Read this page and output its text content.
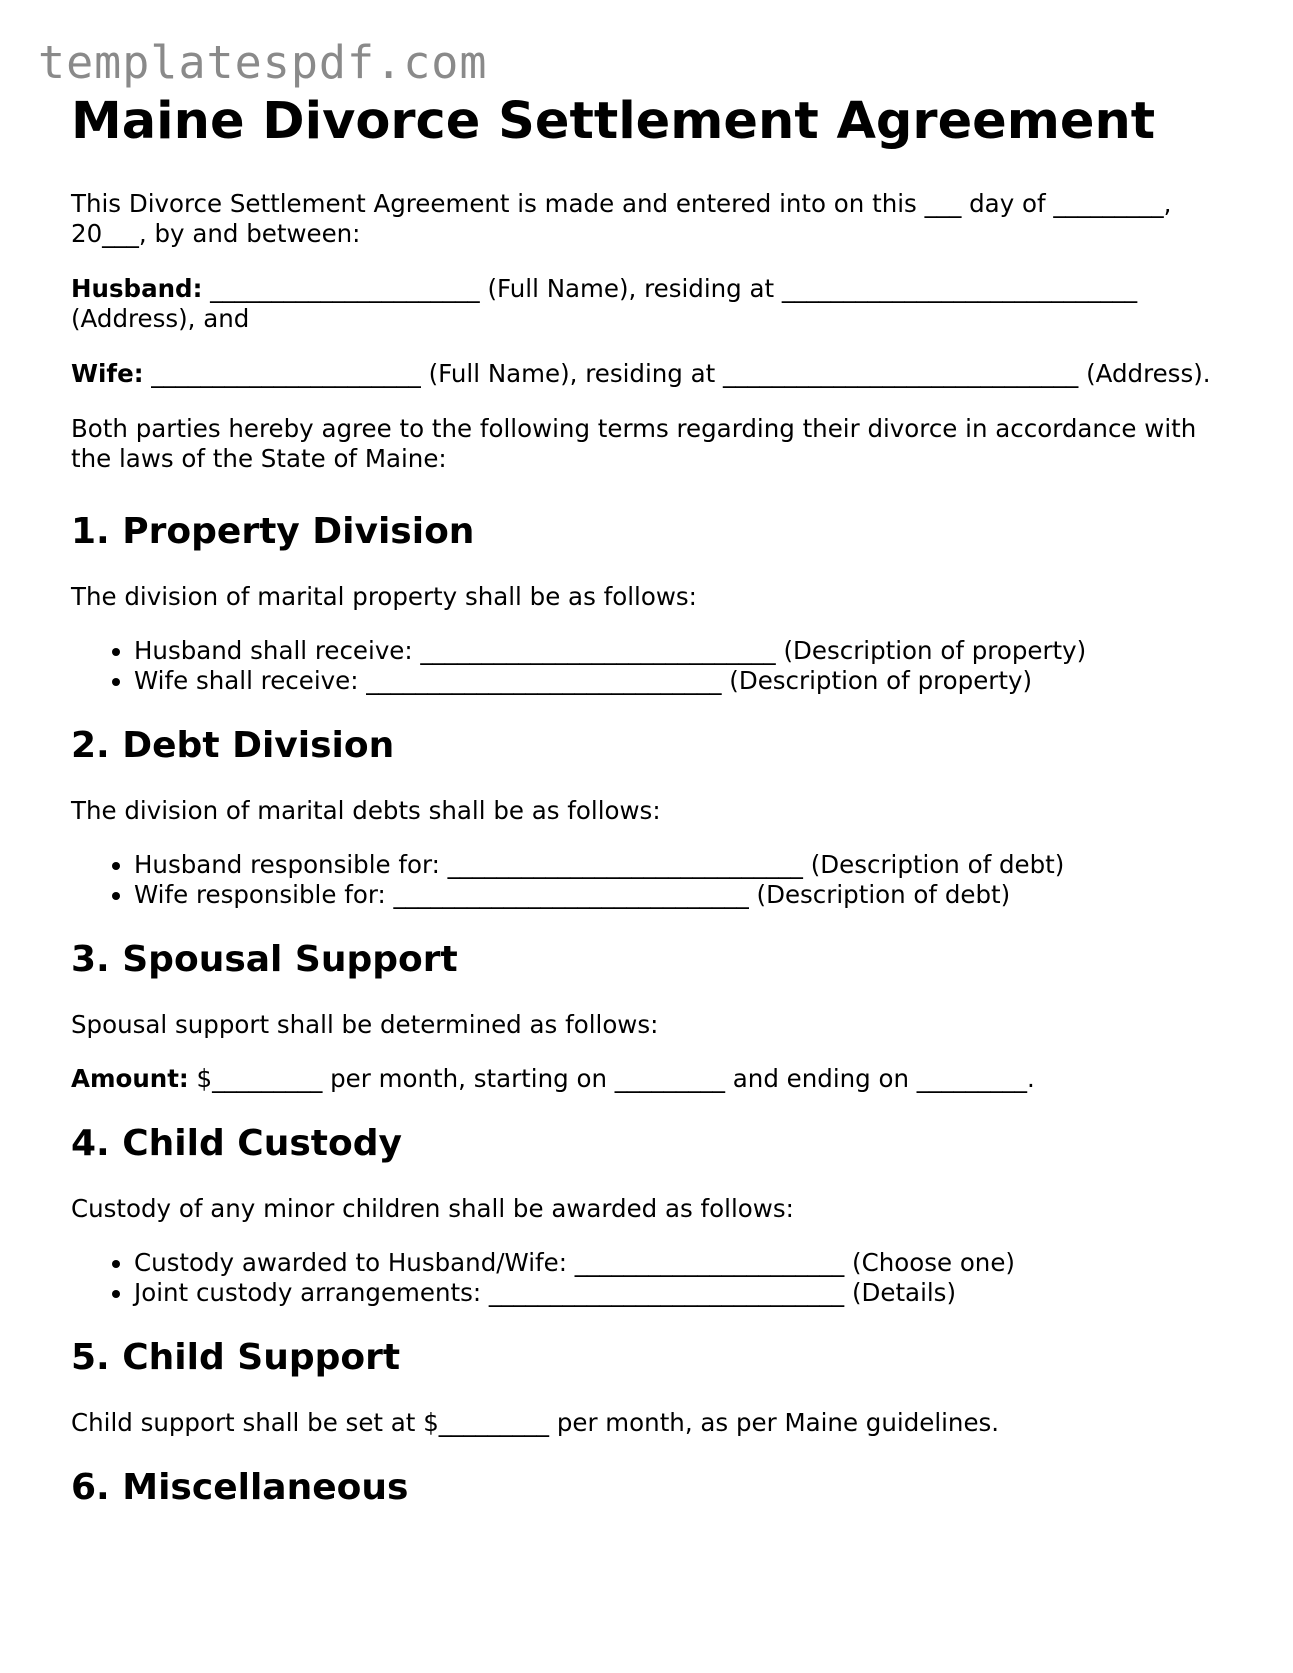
templatespdf.com
Maine Divorce Settlement Agreement

This Divorce Settlement Agreement is made and entered into on this ___ day of _________, 20___, by and between:

Husband: ______________________ (Full Name), residing at _____________________________ (Address), and

Wife: ______________________ (Full Name), residing at _____________________________ (Address).

Both parties hereby agree to the following terms regarding their divorce in accordance with the laws of the State of Maine:

1. Property Division

The division of marital property shall be as follows:

• Husband shall receive: _____________________________ (Description of property)
• Wife shall receive: _____________________________ (Description of property)
2. Debt Division

The division of marital debts shall be as follows:

• Husband responsible for: _____________________________ (Description of debt)
• Wife responsible for: _____________________________ (Description of debt)
3. Spousal Support

Spousal support shall be determined as follows:

Amount: $_________ per month, starting on _________ and ending on _________.

4. Child Custody

Custody of any minor children shall be awarded as follows:

• Custody awarded to Husband/Wife: ______________________ (Choose one)
• Joint custody arrangements: _____________________________ (Details)
5. Child Support

Child support shall be set at $_________ per month, as per Maine guidelines.

6. Miscellaneous
